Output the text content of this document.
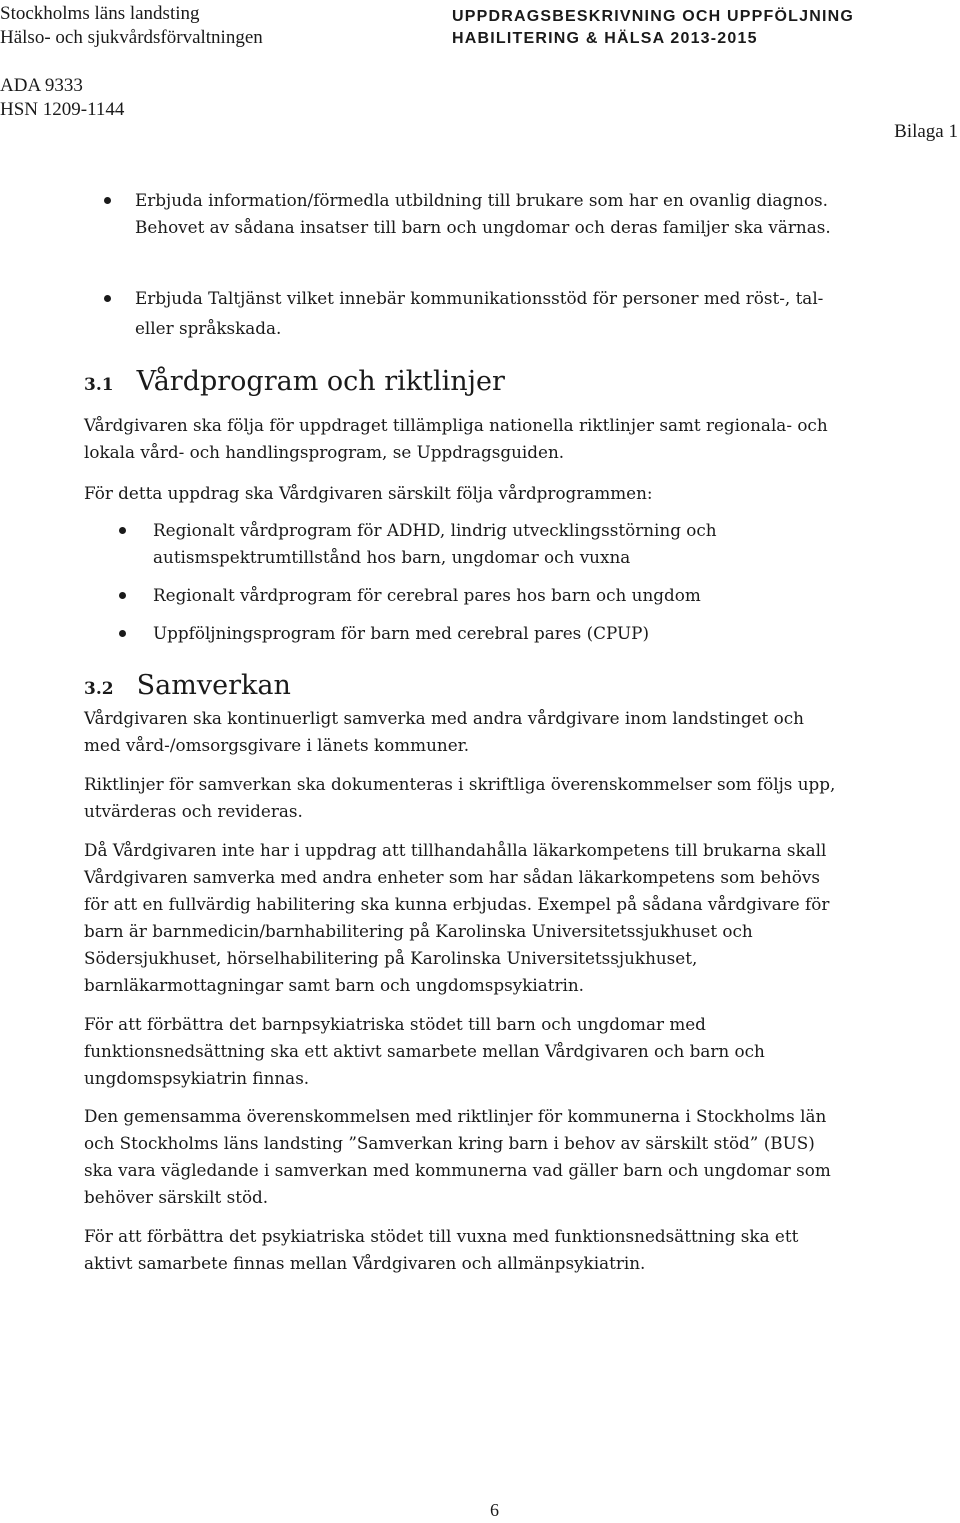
Stockholms läns landsting
Hälso- och sjukvårdsförvaltningen
UPPDRAGSBESKRIVNING OCH UPPFÖLJNING
HABILITERING & HÄLSA 2013-2015
ADA 9333
HSN 1209-1144
Bilaga 1
Erbjuda information/förmedla utbildning till brukare som har en ovanlig diagnos.
Behovet av sådana insatser till barn och ungdomar och deras familjer ska värnas.
Erbjuda Taltjänst vilket innebär kommunikationsstöd för personer med röst-, tal-
eller språkskada.
3.1 Vårdprogram och riktlinjer
Vårdgivaren ska följa för uppdraget tillämpliga nationella riktlinjer samt regionala- och
lokala vård- och handlingsprogram, se Uppdragsguiden.
För detta uppdrag ska Vårdgivaren särskilt följa vårdprogrammen:
Regionalt vårdprogram för ADHD, lindrig utvecklingsstörning och
autismspektrumtillstånd hos barn, ungdomar och vuxna
Regionalt vårdprogram för cerebral pares hos barn och ungdom
Uppföljningsprogram för barn med cerebral pares (CPUP)
3.2 Samverkan
Vårdgivaren ska kontinuerligt samverka med andra vårdgivare inom landstinget och
med vård-/omsorgsgivare i länets kommuner.
Riktlinjer för samverkan ska dokumenteras i skriftliga överenskommelser som följs upp,
utvärderas och revideras.
Då Vårdgivaren inte har i uppdrag att tillhandahålla läkarkompetens till brukarna skall
Vårdgivaren samverka med andra enheter som har sådan läkarkompetens som behövs
för att en fullvärdig habilitering ska kunna erbjudas. Exempel på sådana vårdgivare för
barn är barnmedicin/barnhabilitering på Karolinska Universitetssjukhuset och
Södersjukhuset, hörselhabilitering på Karolinska Universitetssjukhuset,
barnläkarmottagningar samt barn och ungdomspsykiatrin.
För att förbättra det barnpsykiatriska stödet till barn och ungdomar med
funktionsnedsättning ska ett aktivt samarbete mellan Vårdgivaren och barn och
ungdomspsykiatrin finnas.
Den gemensamma överenskommelsen med riktlinjer för kommunerna i Stockholms län
och Stockholms läns landsting ”Samverkan kring barn i behov av särskilt stöd” (BUS)
ska vara vägledande i samverkan med kommunerna vad gäller barn och ungdomar som
behöver särskilt stöd.
För att förbättra det psykiatriska stödet till vuxna med funktionsnedsättning ska ett
aktivt samarbete finnas mellan Vårdgivaren och allmänpsykiatrin.
6
